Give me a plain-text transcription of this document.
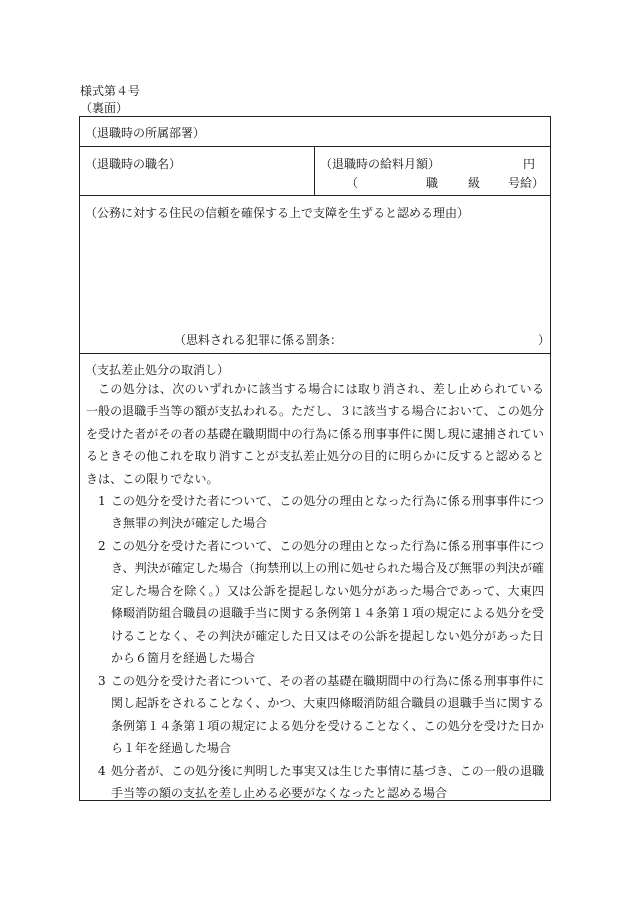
様式第４号
（裏面）
（退職時の所属部署）
（退職時の職名）	（退職時の給料月額）	円
（	職 級 号給）
（公務に対する住民の信頼を確保する上で支障を生ずると認める理由）
（思料される犯罪に係る罰条：	）
（支払差止処分の取消し）
この処分は、次のいずれかに該当する場合には取り消され、差し止められている一般の退職手当等の額が支払われる。ただし、３に該当する場合において、この処分を受けた者がその者の基礎在職期間中の行為に係る刑事事件に関し現に逮捕されているときその他これを取り消すことが支払差止処分の目的に明らかに反すると認めるときは、この限りでない。
1 この処分を受けた者について、この処分の理由となった行為に係る刑事事件につき無罪の判決が確定した場合
2 この処分を受けた者について、この処分の理由となった行為に係る刑事事件につき、判決が確定した場合（拘禁刑以上の刑に処せられた場合及び無罪の判決が確定した場合を除く。）又は公訴を提起しない処分があった場合であって、大東四條畷消防組合職員の退職手当に関する条例第１４条第１項の規定による処分を受けることなく、その判決が確定した日又はその公訴を提起しない処分があった日から６箇月を経過した場合
3 この処分を受けた者について、その者の基礎在職期間中の行為に係る刑事事件に関し起訴をされることなく、かつ、大東四條畷消防組合職員の退職手当に関する条例第１４条第１項の規定による処分を受けることなく、この処分を受けた日から１年を経過した場合
4 処分者が、この処分後に判明した事実又は生じた事情に基づき、この一般の退職手当等の額の支払を差し止める必要がなくなったと認める場合
